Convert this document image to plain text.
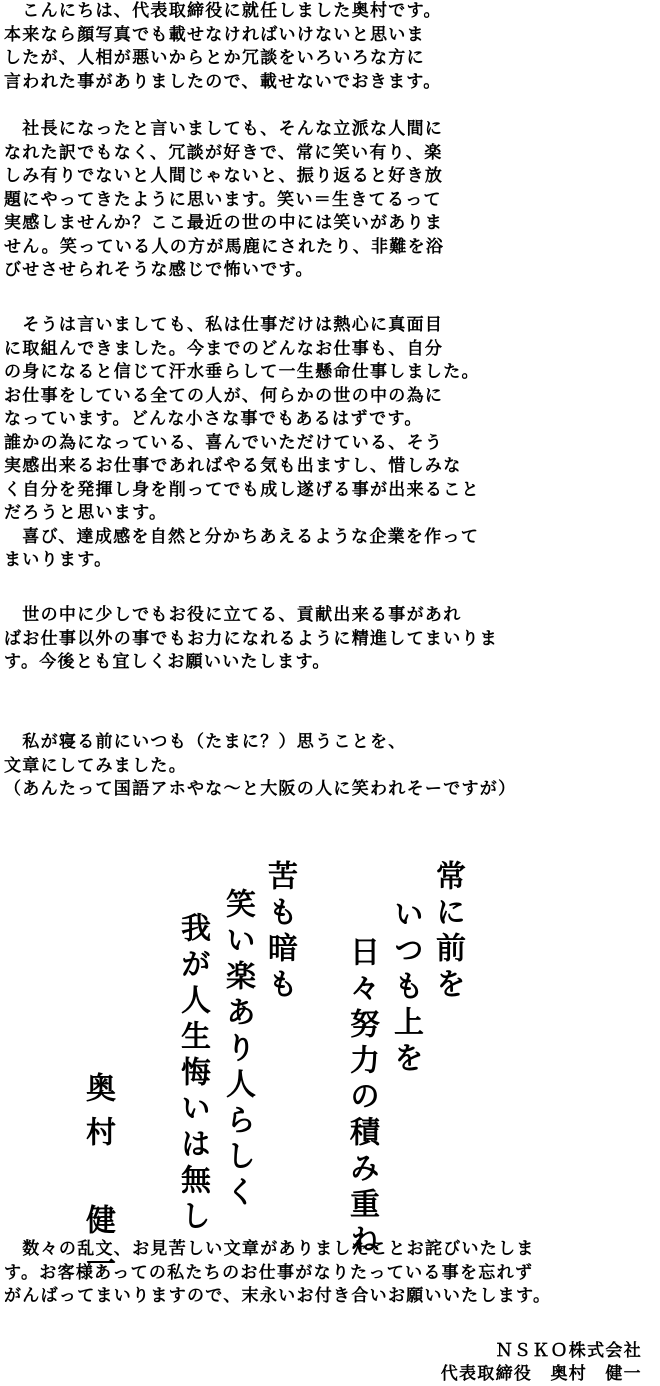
　こんにちは、代表取締役に就任しました奥村です。
本来なら顔写真でも載せなければいけないと思いま
したが、人相が悪いからとか冗談をいろいろな方に
言われた事がありましたので、載せないでおきます。
　社長になったと言いましても、そんな立派な人間に
なれた訳でもなく、冗談が好きで、常に笑い有り、楽
しみ有りでないと人間じゃないと、振り返ると好き放
題にやってきたように思います。笑い＝生きてるって
実感しませんか？ここ最近の世の中には笑いがありま
せん。笑っている人の方が馬鹿にされたり、非難を浴
びせさせられそうな感じで怖いです。
　そうは言いましても、私は仕事だけは熱心に真面目
に取組んできました。今までのどんなお仕事も、自分
の身になると信じて汗水垂らして一生懸命仕事しました。
お仕事をしている全ての人が、何らかの世の中の為に
なっています。どんな小さな事でもあるはずです。
誰かの為になっている、喜んでいただけている、そう
実感出来るお仕事であればやる気も出ますし、惜しみな
く自分を発揮し身を削ってでも成し遂げる事が出来ること
だろうと思います。
　喜び、達成感を自然と分かちあえるような企業を作って
まいります。
　世の中に少しでもお役に立てる、貢献出来る事があれ
ばお仕事以外の事でもお力になれるように精進してまいりま
す。今後とも宜しくお願いいたします。
　私が寝る前にいつも（たまに？）思うことを、
文章にしてみました。
（あんたって国語アホやな～と大阪の人に笑われそーですが）
常に前を
いつも上を
日々努力の積み重ね
苦も暗も
笑い楽あり人らしく
我が人生悔いは無し
奥村　健一
　数々の乱文、お見苦しい文章がありましたことお詫びいたしま
す。お客様あっての私たちのお仕事がなりたっている事を忘れず
がんばってまいりますので、末永いお付き合いお願いいたします。
ＮＳＫＯ株式会社
代表取締役　奥村　健一
